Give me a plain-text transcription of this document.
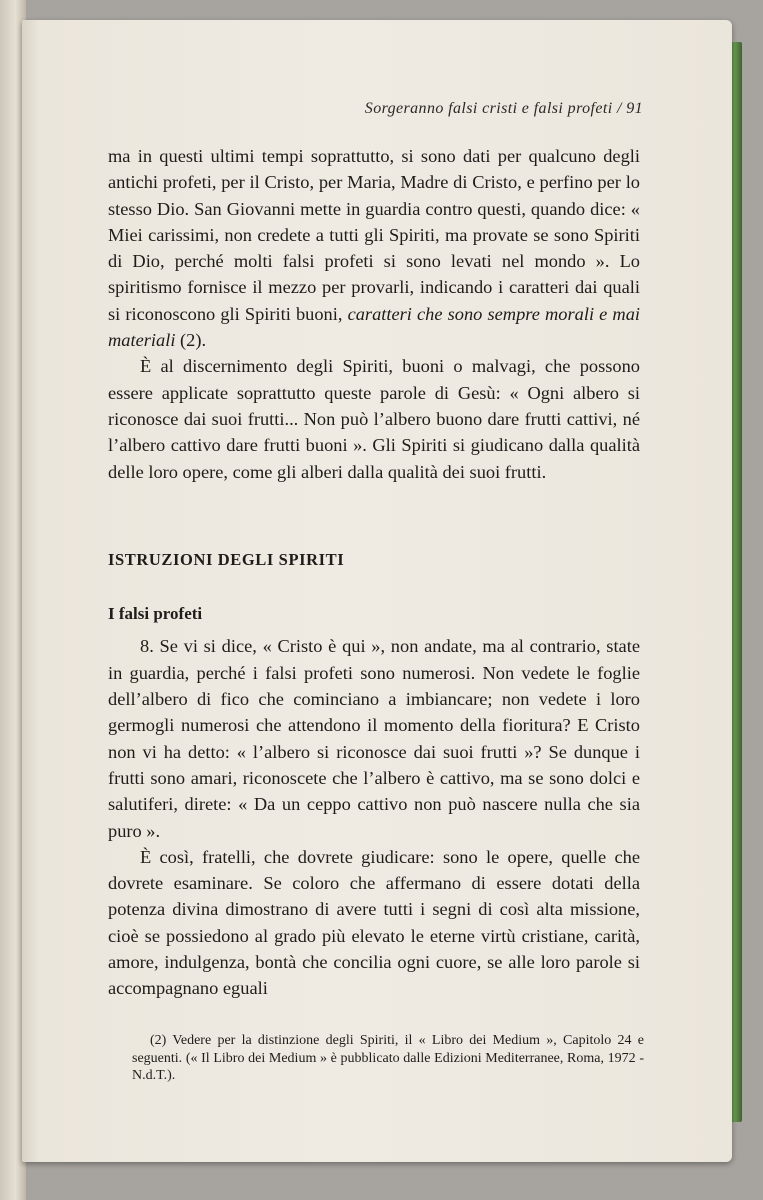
Sorgeranno falsi cristi e falsi profeti / 91

ma in questi ultimi tempi soprattutto, si sono dati per qualcuno degli antichi profeti, per il Cristo, per Maria, Madre di Cristo, e perfino per lo stesso Dio. San Giovanni mette in guardia contro questi, quando dice: « Miei carissimi, non credete a tutti gli Spiriti, ma provate se sono Spiriti di Dio, perché molti falsi profeti si sono levati nel mondo ». Lo spiritismo fornisce il mezzo per provarli, indicando i caratteri dai quali si riconoscono gli Spiriti buoni, caratteri che sono sempre morali e mai materiali (2).

È al discernimento degli Spiriti, buoni o malvagi, che possono essere applicate soprattutto queste parole di Gesù: « Ogni albero si riconosce dai suoi frutti... Non può l’albero buono dare frutti cattivi, né l’albero cattivo dare frutti buoni ». Gli Spiriti si giudicano dalla qualità delle loro opere, come gli alberi dalla qualità dei suoi frutti.

ISTRUZIONI DEGLI SPIRITI
I falsi profeti

8. Se vi si dice, « Cristo è qui », non andate, ma al contrario, state in guardia, perché i falsi profeti sono numerosi. Non vedete le foglie dell’albero di fico che cominciano a imbiancare; non vedete i loro germogli numerosi che attendono il momento della fioritura? E Cristo non vi ha detto: « l’albero si riconosce dai suoi frutti »? Se dunque i frutti sono amari, riconoscete che l’albero è cattivo, ma se sono dolci e salutiferi, direte: « Da un ceppo cattivo non può nascere nulla che sia puro ».

È così, fratelli, che dovrete giudicare: sono le opere, quelle che dovrete esaminare. Se coloro che affermano di essere dotati della potenza divina dimostrano di avere tutti i segni di così alta missione, cioè se possiedono al grado più elevato le eterne virtù cristiane, carità, amore, indulgenza, bontà che concilia ogni cuore, se alle loro parole si accompagnano eguali

(2) Vedere per la distinzione degli Spiriti, il « Libro dei Medium », Capitolo 24 e seguenti. (« Il Libro dei Medium » è pubblicato dalle Edizioni Mediterranee, Roma, 1972 - N.d.T.).
